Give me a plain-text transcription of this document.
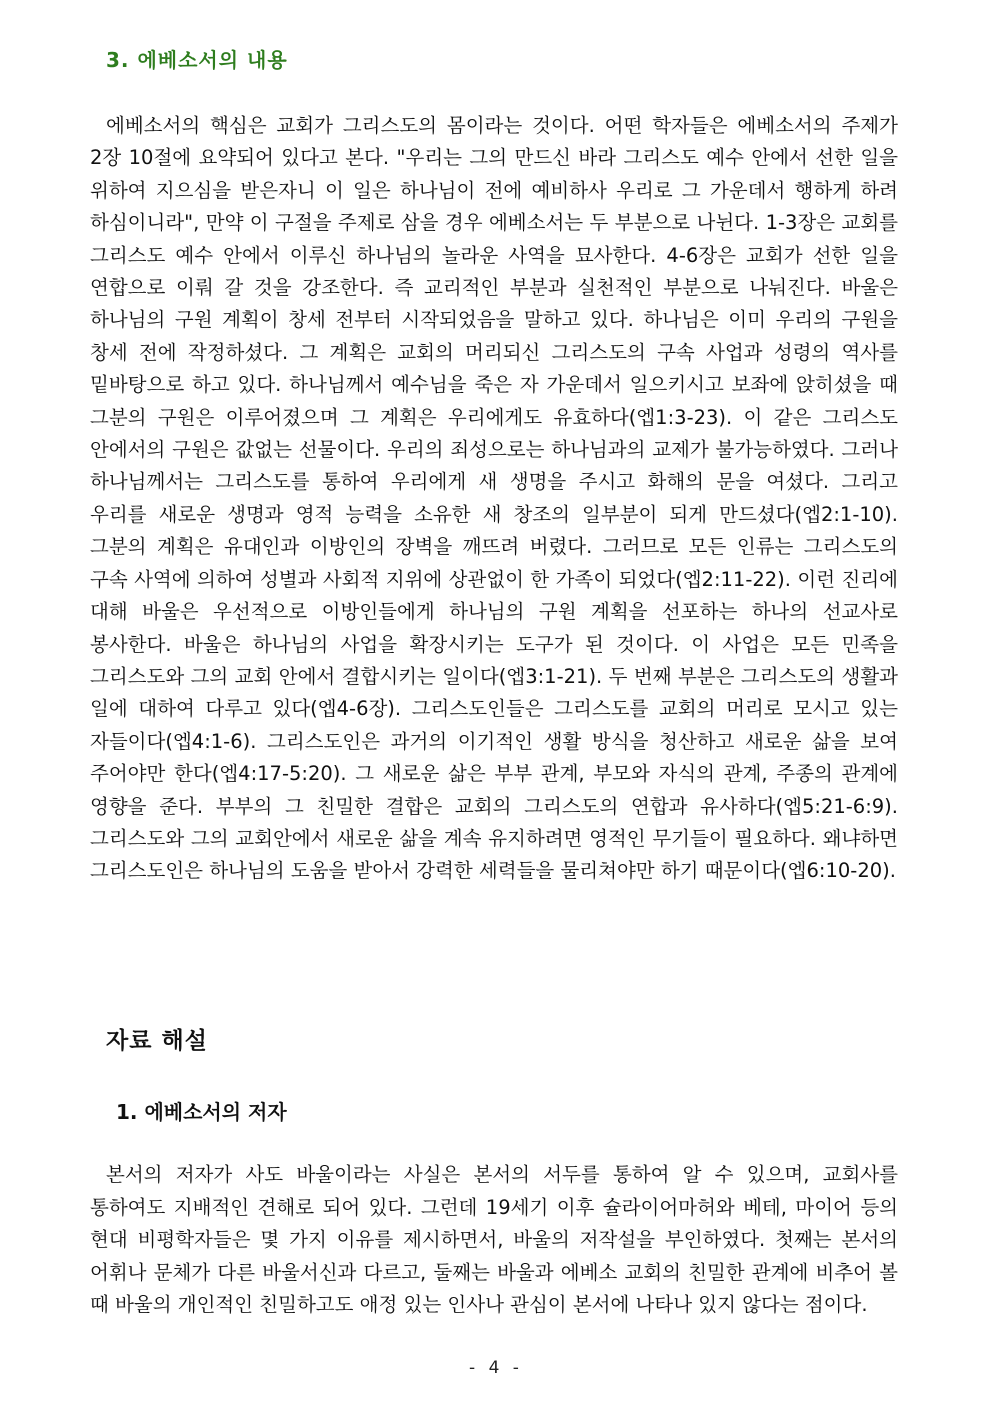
3. 에베소서의 내용

에베소서의 핵심은 교회가 그리스도의 몸이라는 것이다. 어떤 학자들은 에베소서의 주제가 2장 10절에 요약되어 있다고 본다. "우리는 그의 만드신 바라 그리스도 예수 안에서 선한 일을 위하여 지으심을 받은자니 이 일은 하나님이 전에 예비하사 우리로 그 가운데서 행하게 하려 하심이니라", 만약 이 구절을 주제로 삼을 경우 에베소서는 두 부분으로 나뉜다. 1-3장은 교회를 그리스도 예수 안에서 이루신 하나님의 놀라운 사역을 묘사한다. 4-6장은 교회가 선한 일을 연합으로 이뤄 갈 것을 강조한다. 즉 교리적인 부분과 실천적인 부분으로 나눠진다. 바울은 하나님의 구원 계획이 창세 전부터 시작되었음을 말하고 있다. 하나님은 이미 우리의 구원을 창세 전에 작정하셨다. 그 계획은 교회의 머리되신 그리스도의 구속 사업과 성령의 역사를 밑바탕으로 하고 있다. 하나님께서 예수님을 죽은 자 가운데서 일으키시고 보좌에 앉히셨을 때 그분의 구원은 이루어졌으며 그 계획은 우리에게도 유효하다(엡1:3-23). 이 같은 그리스도 안에서의 구원은 값없는 선물이다. 우리의 죄성으로는 하나님과의 교제가 불가능하였다. 그러나 하나님께서는 그리스도를 통하여 우리에게 새 생명을 주시고 화해의 문을 여셨다. 그리고 우리를 새로운 생명과 영적 능력을 소유한 새 창조의 일부분이 되게 만드셨다(엡2:1-10). 그분의 계획은 유대인과 이방인의 장벽을 깨뜨려 버렸다. 그러므로 모든 인류는 그리스도의 구속 사역에 의하여 성별과 사회적 지위에 상관없이 한 가족이 되었다(엡2:11-22). 이런 진리에 대해 바울은 우선적으로 이방인들에게 하나님의 구원 계획을 선포하는 하나의 선교사로 봉사한다. 바울은 하나님의 사업을 확장시키는 도구가 된 것이다. 이 사업은 모든 민족을 그리스도와 그의 교회 안에서 결합시키는 일이다(엡3:1-21). 두 번째 부분은 그리스도의 생활과 일에 대하여 다루고 있다(엡4-6장). 그리스도인들은 그리스도를 교회의 머리로 모시고 있는 자들이다(엡4:1-6). 그리스도인은 과거의 이기적인 생활 방식을 청산하고 새로운 삶을 보여 주어야만 한다(엡4:17-5:20). 그 새로운 삶은 부부 관계, 부모와 자식의 관계, 주종의 관계에 영향을 준다. 부부의 그 친밀한 결합은 교회의 그리스도의 연합과 유사하다(엡5:21-6:9). 그리스도와 그의 교회안에서 새로운 삶을 계속 유지하려면 영적인 무기들이 필요하다. 왜냐하면 그리스도인은 하나님의 도움을 받아서 강력한 세력들을 물리쳐야만 하기 때문이다(엡6:10-20).

자료 해설
1. 에베소서의 저자

본서의 저자가 사도 바울이라는 사실은 본서의 서두를 통하여 알 수 있으며, 교회사를 통하여도 지배적인 견해로 되어 있다. 그런데 19세기 이후 슐라이어마허와 베테, 마이어 등의 현대 비평학자들은 몇 가지 이유를 제시하면서, 바울의 저작설을 부인하였다. 첫째는 본서의 어휘나 문체가 다른 바울서신과 다르고, 둘째는 바울과 에베소 교회의 친밀한 관계에 비추어 볼 때 바울의 개인적인 친밀하고도 애정 있는 인사나 관심이 본서에 나타나 있지 않다는 점이다.

- 4 -
